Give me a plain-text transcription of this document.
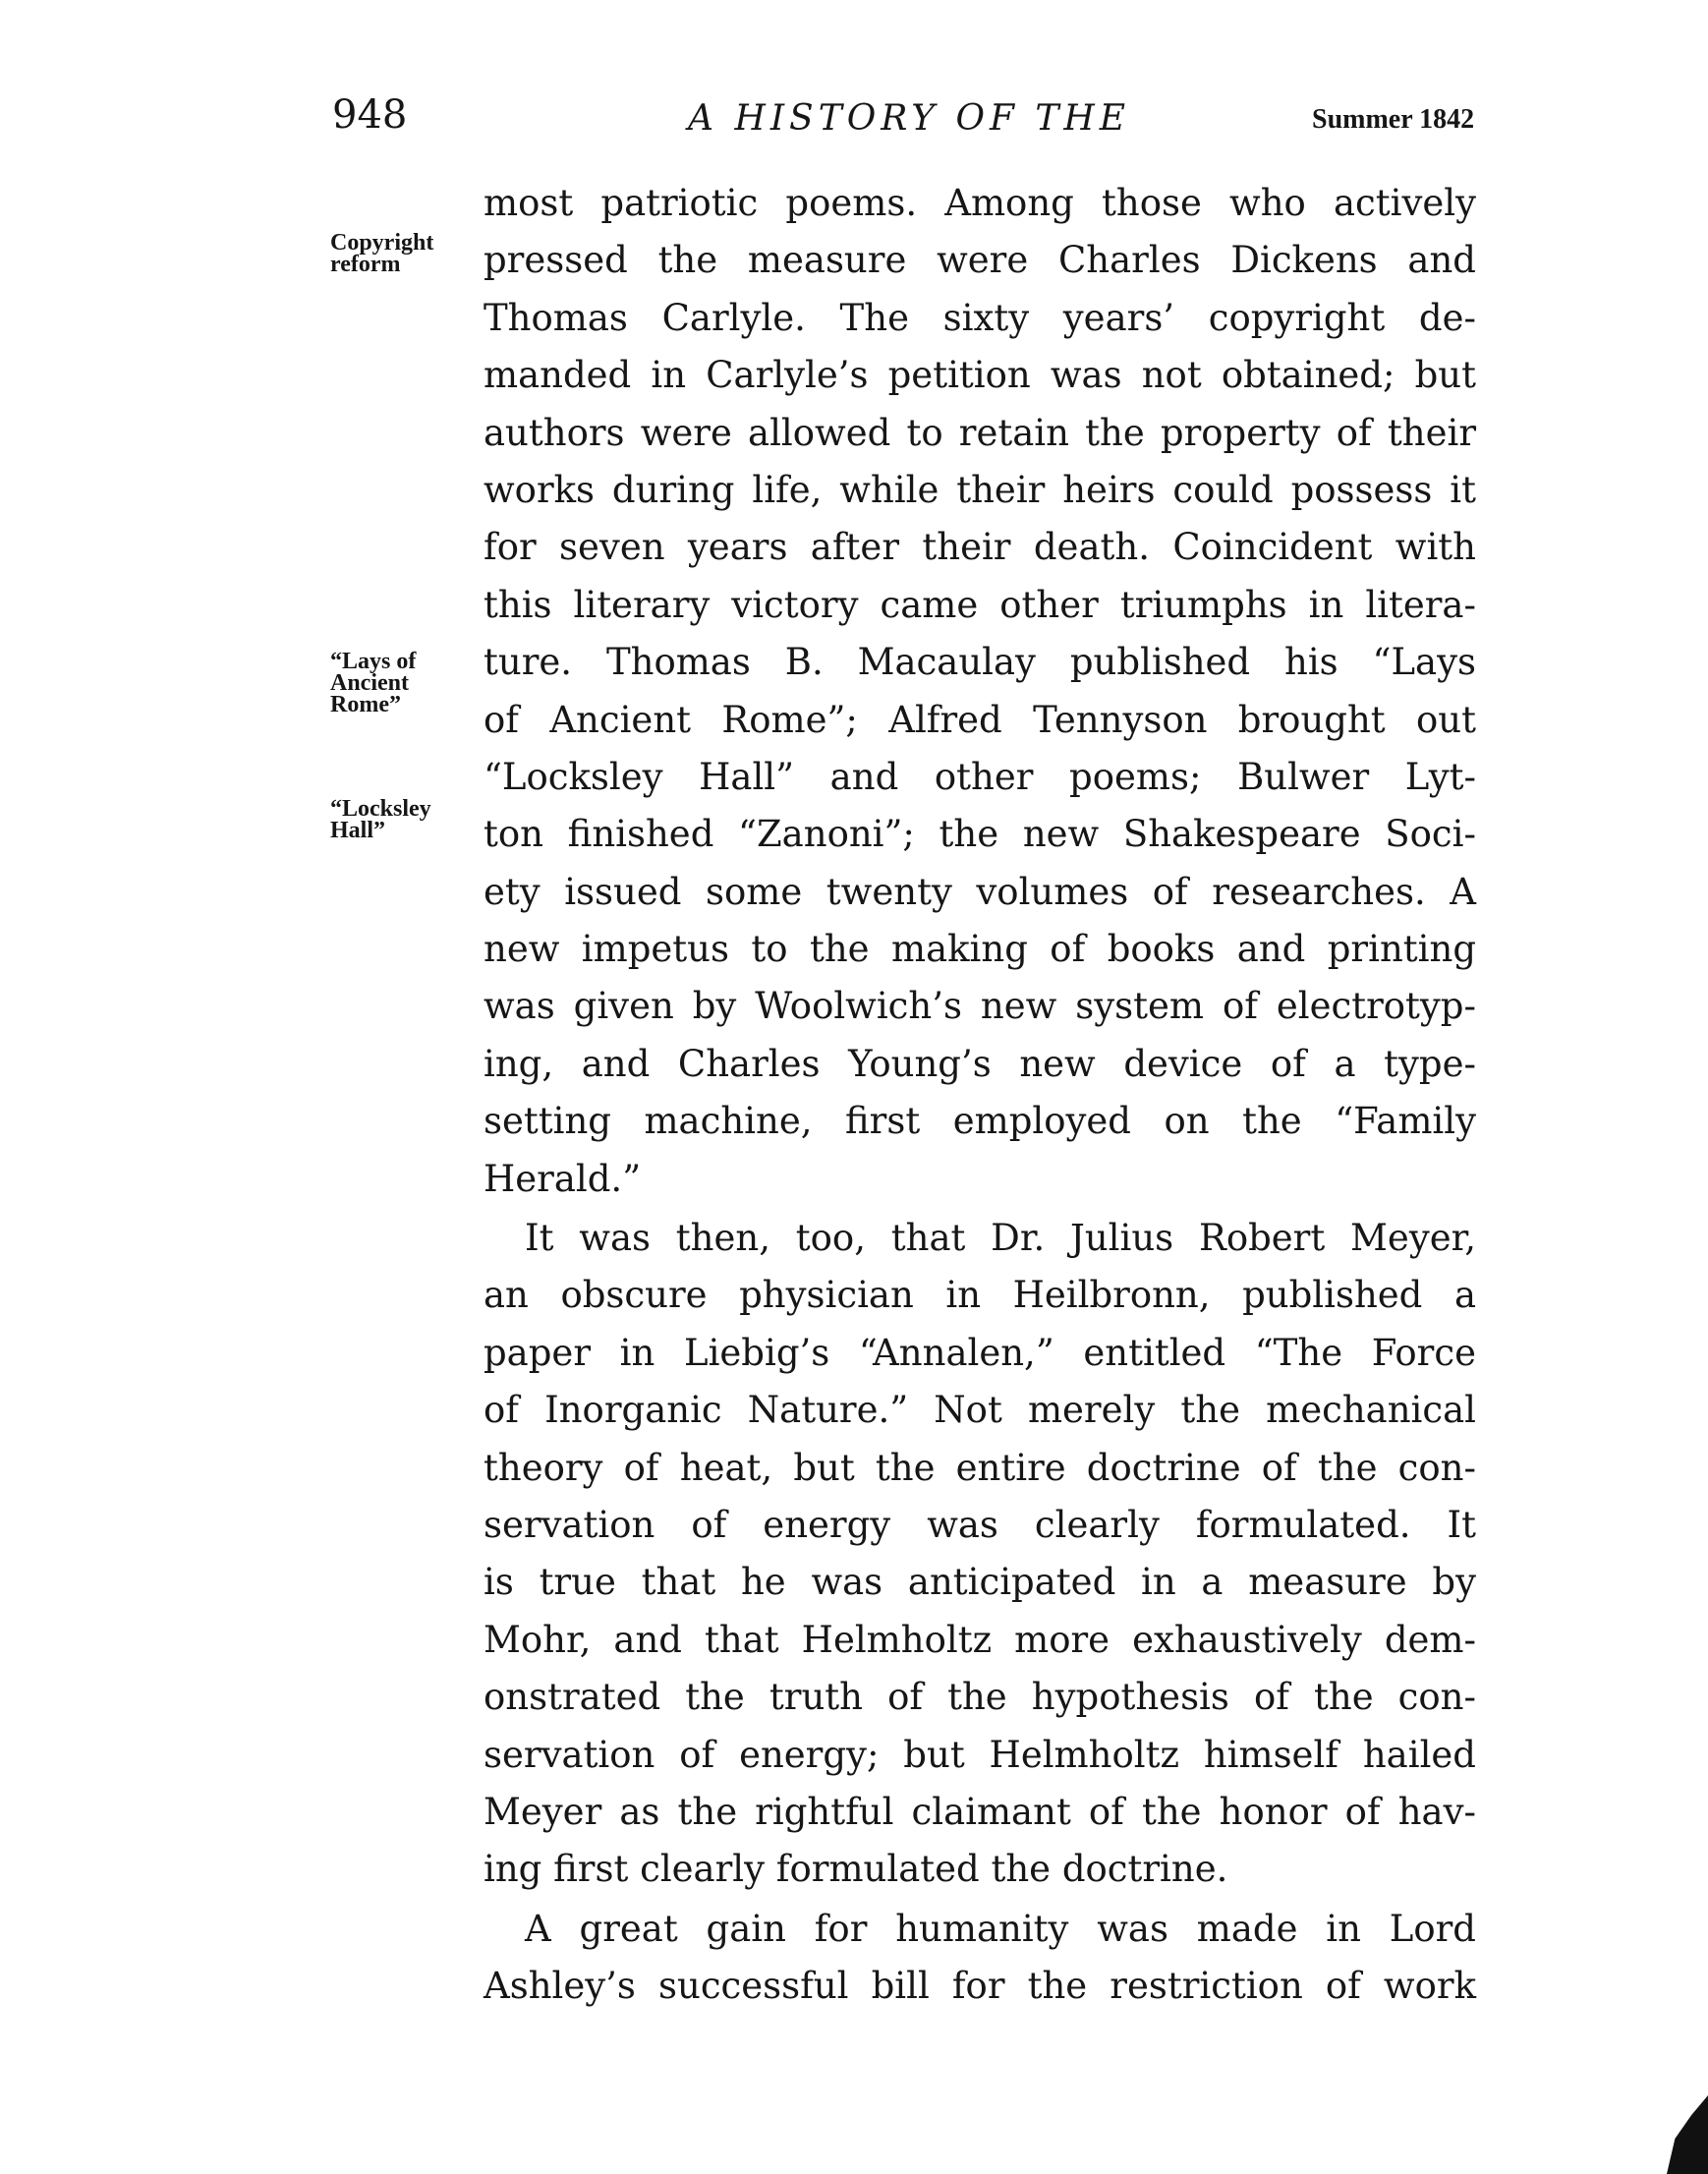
948	A HISTORY OF THE	Summer 1842
Copyright
reform
“Lays of
Ancient
Rome”
“Locksley
Hall”
most patriotic poems. Among those who actively
pressed the measure were Charles Dickens and
Thomas Carlyle. The sixty years’ copyright de-
manded in Carlyle’s petition was not obtained; but
authors were allowed to retain the property of their
works during life, while their heirs could possess it
for seven years after their death. Coincident with
this literary victory came other triumphs in litera-
ture. Thomas B. Macaulay published his “Lays
of Ancient Rome”; Alfred Tennyson brought out
“Locksley Hall” and other poems; Bulwer Lyt-
ton finished “Zanoni”; the new Shakespeare Soci-
ety issued some twenty volumes of researches. A
new impetus to the making of books and printing
was given by Woolwich’s new system of electrotyp-
ing, and Charles Young’s new device of a type-
setting machine, first employed on the “Family
Herald.”
It was then, too, that Dr. Julius Robert Meyer,
an obscure physician in Heilbronn, published a
paper in Liebig’s “Annalen,” entitled “The Force
of Inorganic Nature.” Not merely the mechanical
theory of heat, but the entire doctrine of the con-
servation of energy was clearly formulated. It
is true that he was anticipated in a measure by
Mohr, and that Helmholtz more exhaustively dem-
onstrated the truth of the hypothesis of the con-
servation of energy; but Helmholtz himself hailed
Meyer as the rightful claimant of the honor of hav-
ing first clearly formulated the doctrine.
A great gain for humanity was made in Lord
Ashley’s successful bill for the restriction of work
